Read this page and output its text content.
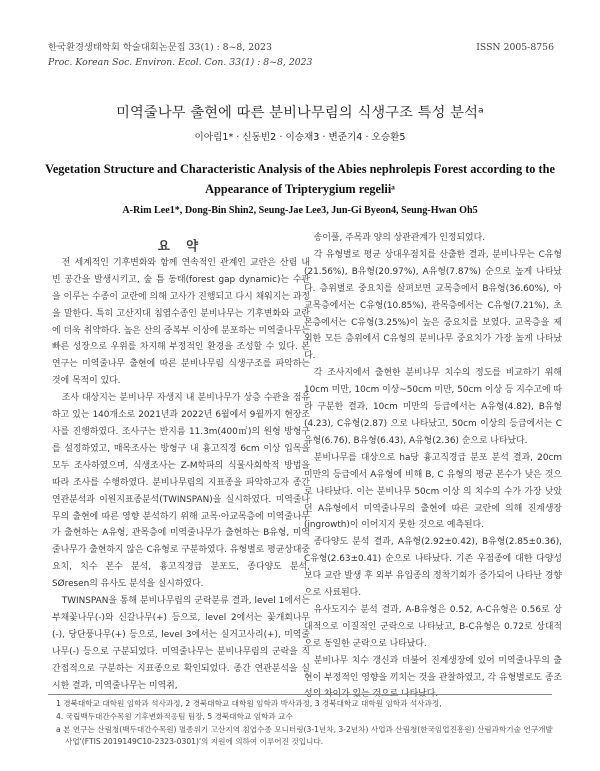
한국환경생태학회 학술대회논문집 33(1) : 8~8, 2023	ISSN 2005-8756
Proc. Korean Soc. Environ. Ecol. Con. 33(1) : 8~8, 2023
미역줄나무 출현에 따른 분비나무림의 식생구조 특성 분석ᵃ
이아림1* · 신동빈2 · 이승재3 · 변준기4 · 오승환5
Vegetation Structure and Characteristic Analysis of the Abies nephrolepis Forest according to the
Appearance of Tripterygium regeliiᵃ
A-Rim Lee1*, Dong-Bin Shin2, Seung-Jae Lee3, Jun-Gi Byeon4, Seung-Hwan Oh5

요 약

전 세계적인 기후변화와 함께 연속적인 관계인 교란은 산림 내 빈 공간을 발생시키고, 숲 틈 동태(forest gap dynamic)는 수관을 이루는 수종이 교란에 의해 고사가 진행되고 다시 채워지는 과정을 말한다. 특히 고산지대 침엽수종인 분비나무는 기후변화와 교란에 더욱 취약하다. 높은 산의 중복부 이상에 분포하는 미역줄나무는 빠른 성장으로 우위를 차지해 부정적인 환경을 조성할 수 있다. 본 연구는 미역줄나무 출현에 따른 분비나무림 식생구조를 파악하는 것에 목적이 있다.

조사 대상지는 분비나무 자생지 내 분비나무가 상층 수관을 점유하고 있는 140개소로 2021년과 2022년 6월에서 9월까지 현장조사를 진행하였다. 조사구는 반지름 11.3m(400㎡)의 원형 방형구를 설정하였고, 매목조사는 방형구 내 흉고직경 6cm 이상 입목을 모두 조사하였으며, 식생조사는 Z-M학파의 식물사회학적 방법을 따라 조사를 수행하였다. 분비나무림의 지표종을 파악하고자 종간 연관분석과 이원지표종분석(TWINSPAN)을 실시하였다. 미역줄나무의 출현에 따른 영향 분석하기 위해 교목·아교목층에 미역줄나무가 출현하는 A유형, 관목층에 미역줄나무가 출현하는 B유형, 미역줄나무가 출현하지 않은 C유형로 구분하였다. 유형별로 평균상대중요치, 치수 본수 분석, 흉고직경급 분포도, 종다양도 분석, SØresen의 유사도 분석을 실시하였다.

TWINSPAN을 통해 분비나무림의 군락분류 결과, level 1에서는 부채꽃나무(-)와 신갈나무(+) 등으로, level 2에서는 꽃개회나무(-), 당단풍나무(+) 등으로, level 3에서는 실거고사리(+), 미역줄나무(-) 등으로 구분되었다. 미역줄나무는 분비나무림의 군락을 직간접적으로 구분하는 지표종으로 확인되었다. 종간 연관분석을 실시한 결과, 미역줄나무는 미역취,

송이풀, 주목과 양의 상관관계가 인정되었다.

각 유형별로 평균 상대우점치를 산출한 결과, 분비나무는 C유형(21.56%), B유형(20.97%), A유형(7.87%) 순으로 높게 나타났다. 층위별로 중요치를 살펴보면 교목층에서 B유형(36.60%), 아교목층에서는 C유형(10.85%), 관목층에서는 C유형(7.21%), 초본층에서는 C유형(3.25%)이 높은 중요치를 보였다. 교목층을 제외한 모든 층위에서 C유형의 분비나무 중요치가 가장 높게 나타났다.

각 조사지에서 출현한 분비나무 치수의 정도를 비교하기 위해 10cm 미만, 10cm 이상~50cm 미만, 50cm 이상 등 지수고에 따라 구분한 결과, 10cm 미만의 등급에서는 A유형(4.82), B유형(4.23), C유형(2.87) 으로 나타났고, 50cm 이상의 등급에서는 C유형(6.76), B유형(6.43), A유형(2.36) 순으로 나타났다.

분비나무를 대상으로 ha당 흉고직경급 분포 분석 결과, 20cm 미만의 등급에서 A유형에 비해 B, C 유형의 평균 본수가 낮은 것으로 나타났다. 이는 분비나무 50cm 이상 의 치수의 수가 가장 낮았던 A유형에서 미역줄나무의 출현에 따른 교란에 의해 진계생장(ingrowth)이 이어지지 못한 것으로 예측된다.

종다양도 분석 결과, A유형(2.92±0.42), B유형(2.85±0.36), C유형(2.63±0.41) 순으로 나타났다. 기존 우점종에 대한 다양성보다 교란 발생 후 외부 유입종의 정착기회가 증가되어 나타난 경향으로 사료된다.

유사도지수 분석 결과, A-B유형은 0.52, A-C유형은 0.56로 상대적으로 이질적인 군락으로 나타났고, B-C유형은 0.72로 상대적으로 동일한 군락으로 나타났다.

분비나무 치수 갱신과 더불어 진계생장에 있어 미역줄나무의 출현이 부정적인 영향을 끼치는 것을 관찰하였고, 각 유형별로도 종조성의 차이가 있는 것으로 나타났다.

1 경북대학교 대학원 임학과 석사과정, 2 경북대학교 대학원 임학과 박사과정, 3 경북대학교 대학원 임학과 석사과정,
4. 국립백두대간수목원 기후변화적응팀 팀장, 5 경북대학교 임학과 교수
a 본 연구는 산림청(백두대간수목원) 멸종위기 고산지역 침엽수종 모니터링(3-1년차, 3-2년차) 사업과 산림청(한국임업진흥원) 산림과학기술 연구개발사업'(FTIS 2019149C10-2323-0301)'의 지원에 의하여 이루어진 것입니다.
